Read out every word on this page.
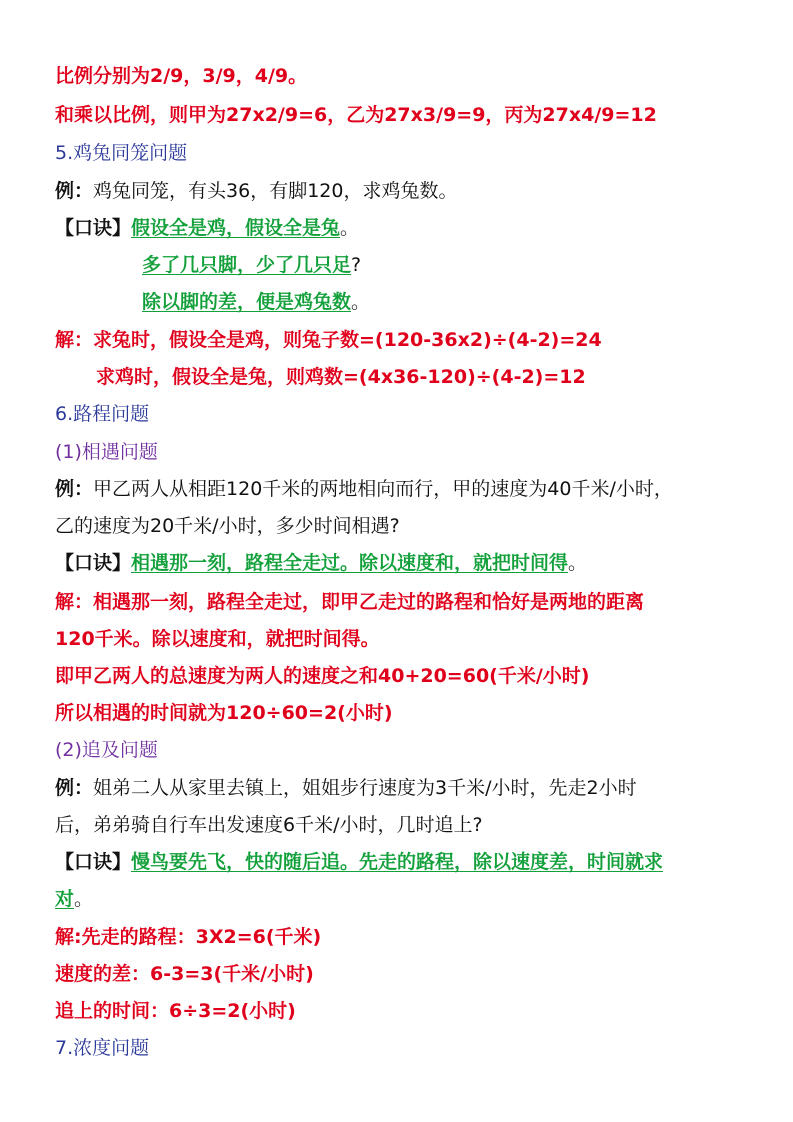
比例分别为2/9，3/9，4/9。
和乘以比例，则甲为27x2/9=6，乙为27x3/9=9，丙为27x4/9=12
5.鸡兔同笼问题
例：鸡兔同笼，有头36，有脚120，求鸡兔数。
【口诀】假设全是鸡，假设全是兔。
多了几只脚，少了几只足?
除以脚的差，便是鸡兔数。
解：求兔时，假设全是鸡，则兔子数=(120-36x2)÷(4-2)=24
求鸡时，假设全是兔，则鸡数=(4x36-120)÷(4-2)=12
6.路程问题
(1)相遇问题
例：甲乙两人从相距120千米的两地相向而行，甲的速度为40千米/小时，
乙的速度为20千米/小时，多少时间相遇?
【口诀】相遇那一刻，路程全走过。除以速度和，就把时间得。
解：相遇那一刻，路程全走过，即甲乙走过的路程和恰好是两地的距离
120千米。除以速度和，就把时间得。
即甲乙两人的总速度为两人的速度之和40+20=60(千米/小时)
所以相遇的时间就为120÷60=2(小时)
(2)追及问题
例：姐弟二人从家里去镇上，姐姐步行速度为3千米/小时，先走2小时
后，弟弟骑自行车出发速度6千米/小时，几时追上?
【口诀】慢鸟要先飞，快的随后追。先走的路程，除以速度差，时间就求
对。
解:先走的路程：3X2=6(千米)
速度的差：6-3=3(千米/小时)
追上的时间：6÷3=2(小时)
7.浓度问题
